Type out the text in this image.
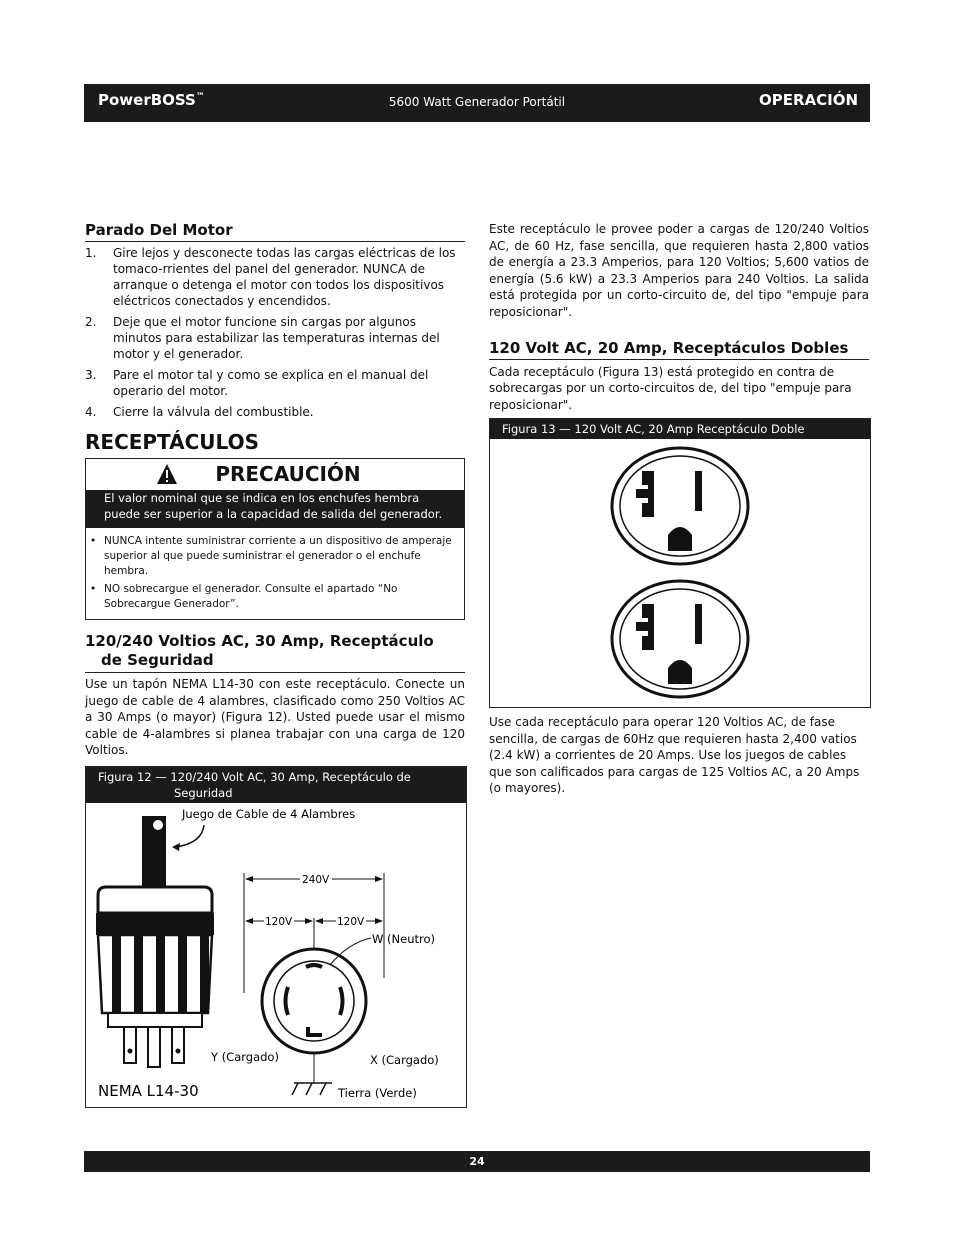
PowerBOSS™	5600 Watt Generador Portátil	OPERACIÓN
Parado Del Motor
1. Gire lejos y desconecte todas las cargas eléctricas de los tomaco-rrientes del panel del generador. NUNCA de arranque o detenga el motor con todos los dispositivos eléctricos conectados y encendidos.
2. Deje que el motor funcione sin cargas por algunos minutos para estabilizar las temperaturas internas del motor y el generador.
3. Pare el motor tal y como se explica en el manual del operario del motor.
4. Cierre la válvula del combustible.
RECEPTÁCULOS
PRECAUCIÓN
El valor nominal que se indica en los enchufes hembra puede ser superior a la capacidad de salida del generador.
• NUNCA intente suministrar corriente a un dispositivo de amperaje superior al que puede suministrar el generador o el enchufe hembra.
• NO sobrecargue el generador. Consulte el apartado “No Sobrecargue Generador”.
120/240 Voltios AC, 30 Amp, Receptáculo
de Seguridad

Use un tapón NEMA L14-30 con este receptáculo. Conecte un juego de cable de 4 alambres, clasificado como 250 Voltios AC a 30 Amps (o mayor) (Figura 12). Usted puede usar el mismo cable de 4-alambres si planea trabajar con una carga de 120 Voltios.

Figura 12 — 120/240 Volt AC, 30 Amp, Receptáculo de
Seguridad
Juego de Cable de 4 Alambres
NEMA L14-30
240V
120V	120V
W (Neutro)
Y (Cargado)	X (Cargado)
Tierra (Verde)

Este receptáculo le provee poder a cargas de 120/240 Voltios AC, de 60 Hz, fase sencilla, que requieren hasta 2,800 vatios de energía a 23.3 Amperios, para 120 Voltios; 5,600 vatios de energía (5.6 kW) a 23.3 Amperios para 240 Voltios. La salida está protegida por un corto-circuito de, del tipo "empuje para reposicionar".

120 Volt AC, 20 Amp, Receptáculos Dobles

Cada receptáculo (Figura 13) está protegido en contra de sobrecargas por un corto-circuitos de, del tipo "empuje para reposicionar".

Figura 13 — 120 Volt AC, 20 Amp Receptáculo Doble

Use cada receptáculo para operar 120 Voltios AC, de fase sencilla, de cargas de 60Hz que requieren hasta 2,400 vatios (2.4 kW) a corrientes de 20 Amps. Use los juegos de cables que son calificados para cargas de 125 Voltios AC, a 20 Amps (o mayores).

24
